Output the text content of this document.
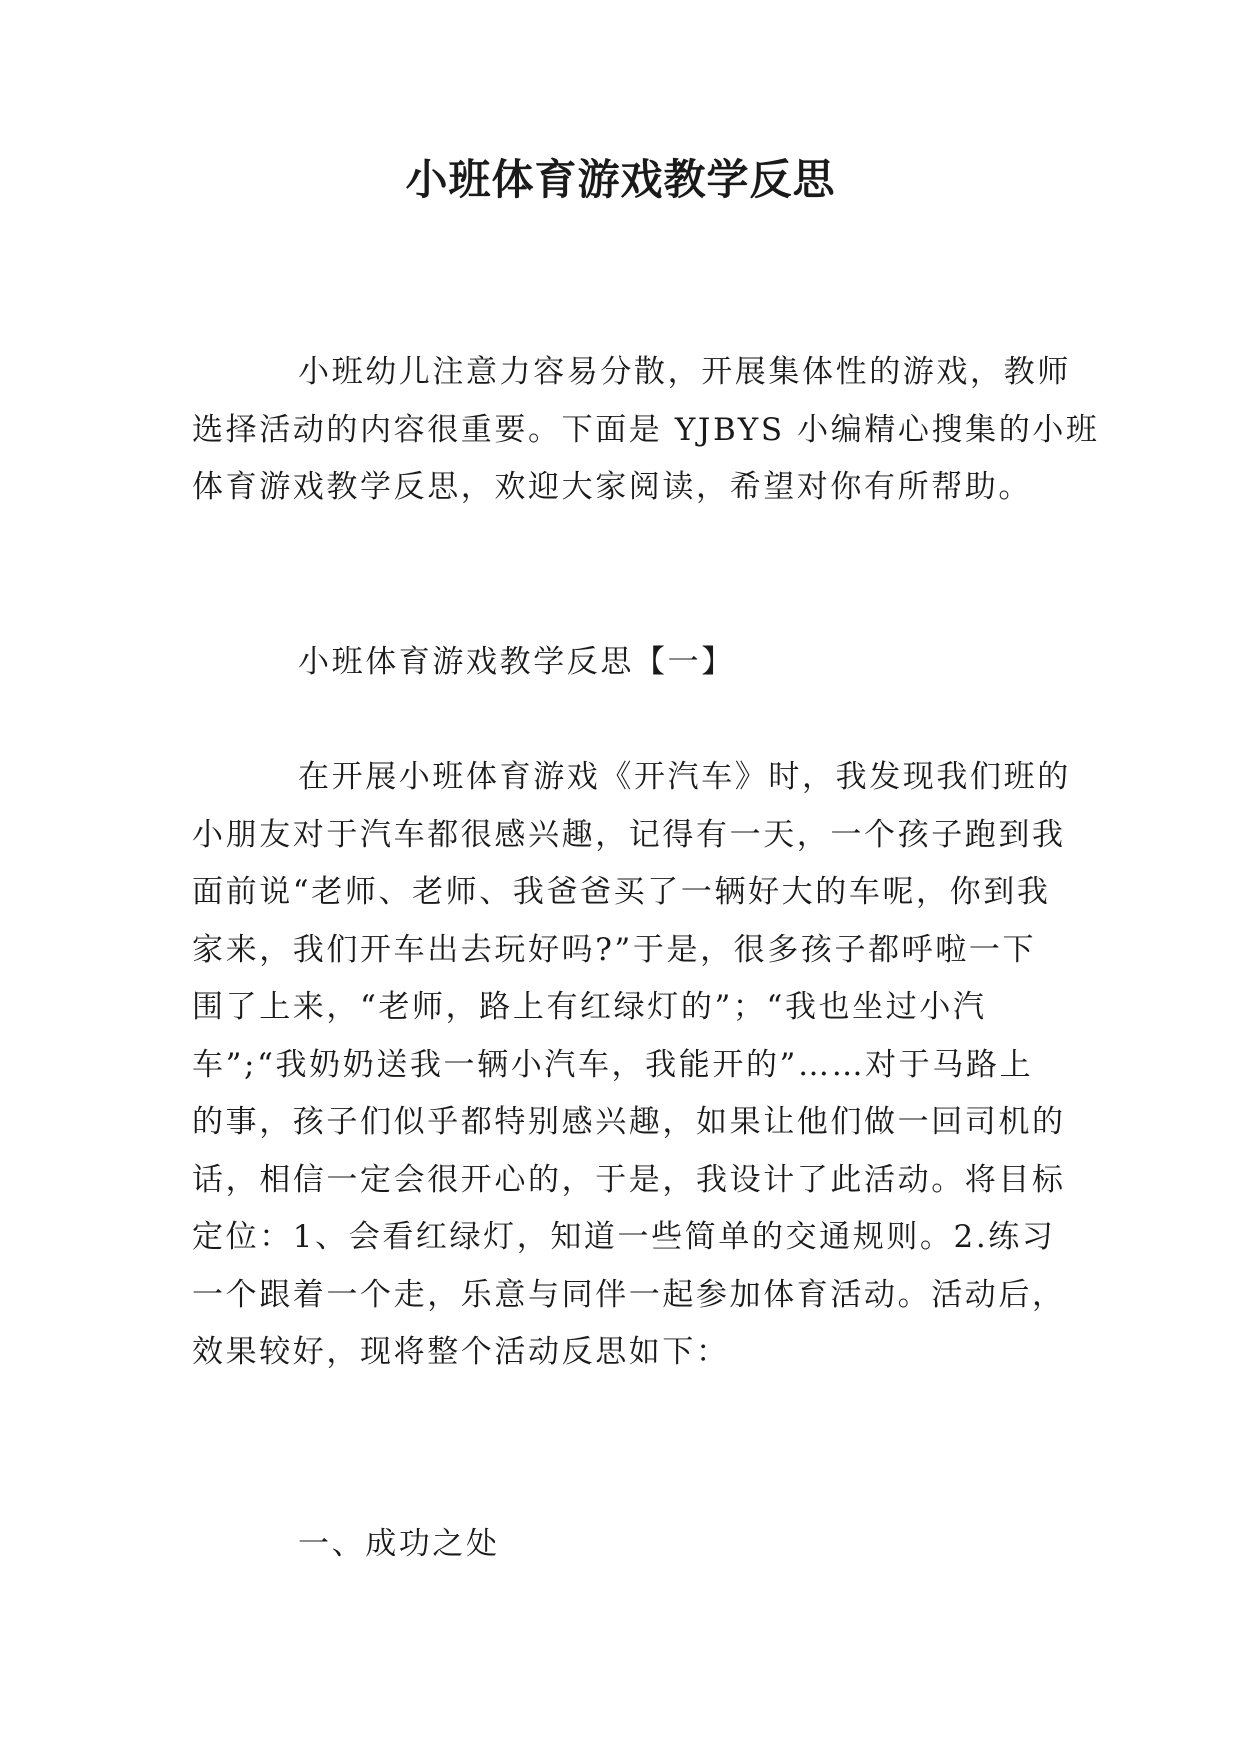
小班体育游戏教学反思
小班幼儿注意力容易分散，开展集体性的游戏，教师
选择活动的内容很重要。下面是 YJBYS 小编精心搜集的小班
体育游戏教学反思，欢迎大家阅读，希望对你有所帮助。
小班体育游戏教学反思【一】
在开展小班体育游戏《开汽车》时，我发现我们班的
小朋友对于汽车都很感兴趣，记得有一天，一个孩子跑到我
面前说“老师、老师、我爸爸买了一辆好大的车呢，你到我
家来，我们开车出去玩好吗?”于是，很多孩子都呼啦一下
围了上来，“老师，路上有红绿灯的”；“我也坐过小汽
车”;“我奶奶送我一辆小汽车，我能开的”……对于马路上
的事，孩子们似乎都特别感兴趣，如果让他们做一回司机的
话，相信一定会很开心的，于是，我设计了此活动。将目标
定位：1、会看红绿灯，知道一些简单的交通规则。2.练习
一个跟着一个走，乐意与同伴一起参加体育活动。活动后，
效果较好，现将整个活动反思如下：
一、成功之处
